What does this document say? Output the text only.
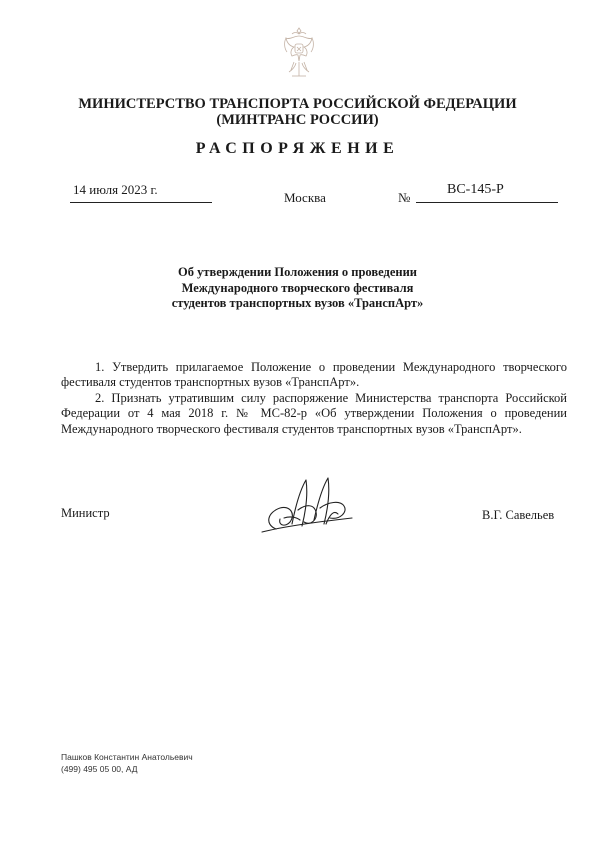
МИНИСТЕРСТВО ТРАНСПОРТА РОССИЙСКОЙ ФЕДЕРАЦИИ
(МИНТРАНС РОССИИ)
РАСПОРЯЖЕНИЕ
14 июля 2023 г.
Москва	№
ВС-145-Р
Об утверждении Положения о проведении
Международного творческого фестиваля
студентов транспортных вузов «ТранспАрт»

1. Утвердить прилагаемое Положение о проведении Международного творческого фестиваля студентов транспортных вузов «ТранспАрт».

2. Признать утратившим силу распоряжение Министерства транспорта Российской Федерации от 4 мая 2018 г. № МС-82-р «Об утверждении Положения о проведении Международного творческого фестиваля студентов транспортных вузов «ТранспАрт».

Министр	В.Г. Савельев
Пашков Константин Анатольевич
(499) 495 05 00, АД
